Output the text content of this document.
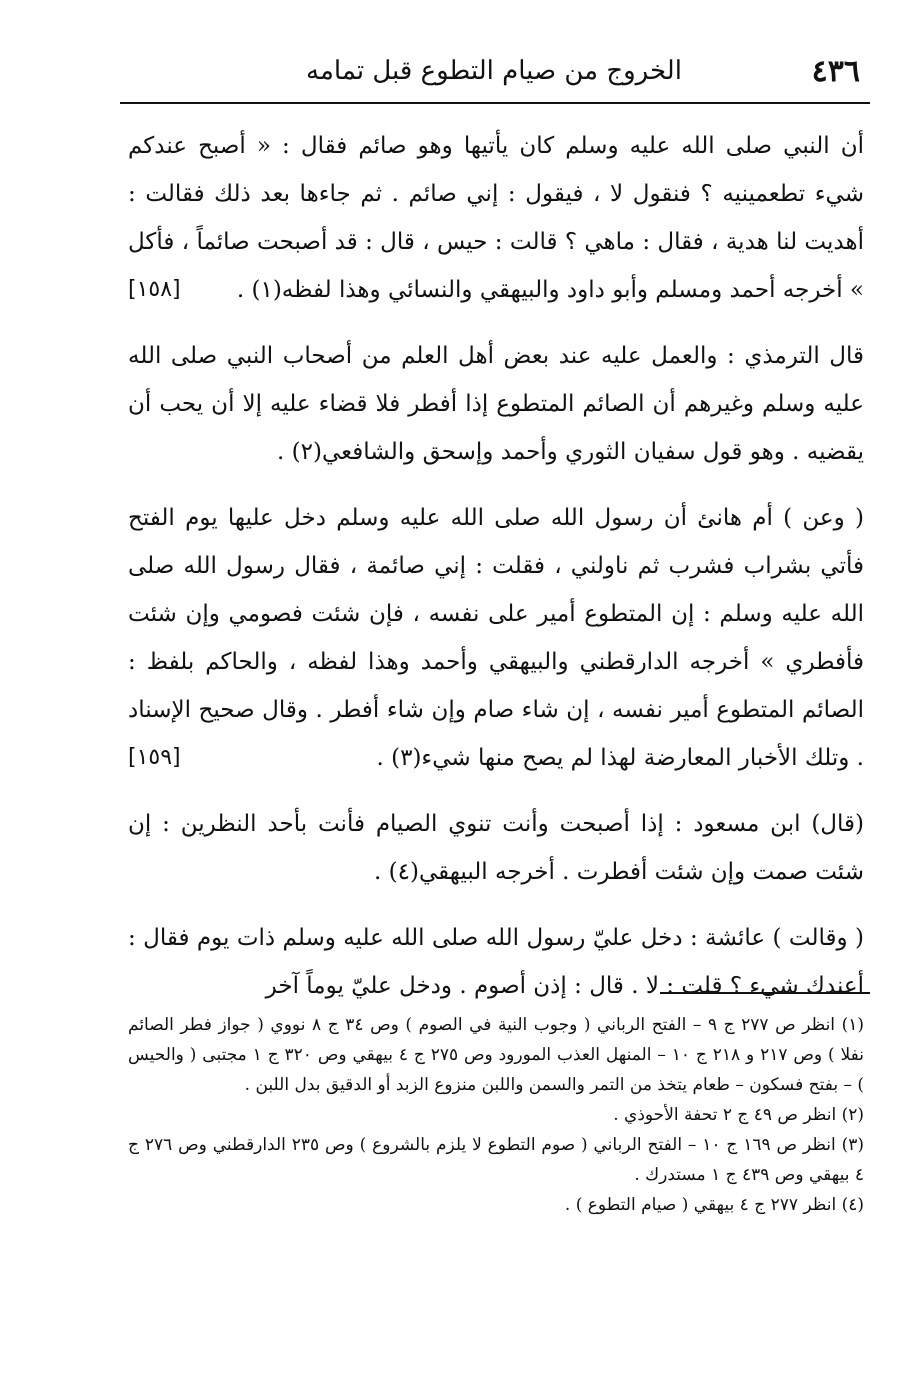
٤٣٦
الخروج من صيام التطوع قبل تمامه

أن النبي صلى الله عليه وسلم كان يأتيها وهو صائم فقال : « أصبح عندكم شيء تطعمينيه ؟ فنقول لا ، فيقول : إني صائم . ثم جاءها بعد ذلك فقالت : أهديت لنا هدية ، فقال : ماهي ؟ قالت : حيس ، قال : قد أصبحت صائماً ، فأكل » أخرجه أحمد ومسلم وأبو داود والبيهقي والنسائي وهذا لفظه(١) .
[١٥٨]

قال الترمذي : والعمل عليه عند بعض أهل العلم من أصحاب النبي صلى الله عليه وسلم وغيرهم أن الصائم المتطوع إذا أفطر فلا قضاء عليه إلا أن يحب أن يقضيه . وهو قول سفيان الثوري وأحمد وإسحق والشافعي(٢) .

( وعن ) أم هانئ أن رسول الله صلى الله عليه وسلم دخل عليها يوم الفتح فأتي بشراب فشرب ثم ناولني ، فقلت : إني صائمة ، فقال رسول الله صلى الله عليه وسلم : إن المتطوع أمير على نفسه ، فإن شئت فصومي وإن شئت فأفطري » أخرجه الدارقطني والبيهقي وأحمد وهذا لفظه ، والحاكم بلفظ : الصائم المتطوع أمير نفسه ، إن شاء صام وإن شاء أفطر . وقال صحيح الإسناد . وتلك الأخبار المعارضة لهذا لم يصح منها شيء(٣) .
[١٥٩]

(قال) ابن مسعود : إذا أصبحت وأنت تنوي الصيام فأنت بأحد النظرين : إن شئت صمت وإن شئت أفطرت . أخرجه البيهقي(٤) .

( وقالت ) عائشة : دخل عليّ رسول الله صلى الله عليه وسلم ذات يوم فقال : أعندك شيء ؟ قلت : لا . قال : إذن أصوم . ودخل عليّ يوماً آخر

(١) انظر ص ٢٧٧ ج ٩ – الفتح الرباني ( وجوب النية في الصوم ) وص ٣٤ ج ٨ نووي ( جواز فطر الصائم نفلا ) وص ٢١٧ و ٢١٨ ج ١٠ – المنهل العذب المورود وص ٢٧٥ ج ٤ بيهقي وص ٣٢٠ ج ١ مجتبى ( والحيس ) – بفتح فسكون – طعام يتخذ من التمر والسمن واللبن منزوع الزبد أو الدقيق بدل اللبن .

(٢) انظر ص ٤٩ ج ٢ تحفة الأحوذي .

(٣) انظر ص ١٦٩ ج ١٠ – الفتح الرباني ( صوم التطوع لا يلزم بالشروع ) وص ٢٣٥ الدارقطني وص ٢٧٦ ج ٤ بيهقي وص ٤٣٩ ج ١ مستدرك .

(٤) انظر ٢٧٧ ج ٤ بيهقي ( صيام التطوع ) .
